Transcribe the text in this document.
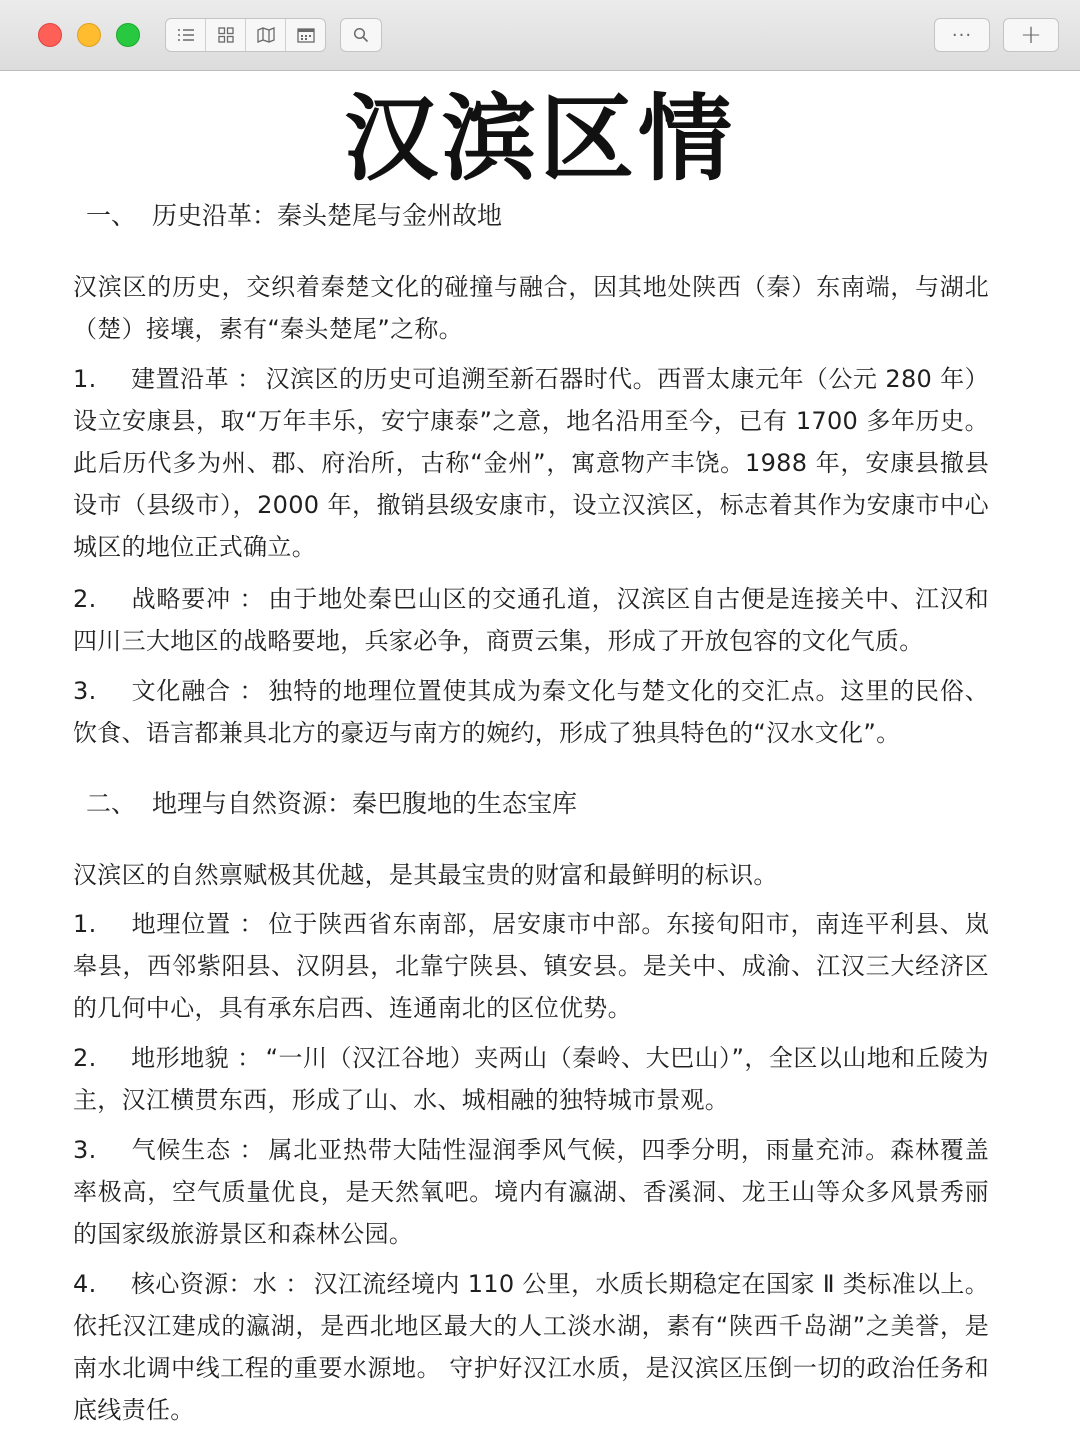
···	+
汉滨区情
一、 历史沿革：秦头楚尾与金州故地
汉滨区的历史，交织着秦楚文化的碰撞与融合，因其地处陕西（秦）东南端，与湖北（楚）接壤，素有“秦头楚尾”之称。
1. 建置沿革 ： 汉滨区的历史可追溯至新石器时代。西晋太康元年（公元 280 年）设立安康县，取“万年丰乐，安宁康泰”之意，地名沿用至今，已有 1700 多年历史。此后历代多为州、郡、府治所，古称“金州”，寓意物产丰饶。1988 年，安康县撤县设市（县级市），2000 年，撤销县级安康市，设立汉滨区，标志着其作为安康市中心城区的地位正式确立。
2. 战略要冲 ： 由于地处秦巴山区的交通孔道，汉滨区自古便是连接关中、江汉和四川三大地区的战略要地，兵家必争，商贾云集，形成了开放包容的文化气质。
3. 文化融合 ： 独特的地理位置使其成为秦文化与楚文化的交汇点。这里的民俗、饮食、语言都兼具北方的豪迈与南方的婉约，形成了独具特色的“汉水文化”。
二、 地理与自然资源：秦巴腹地的生态宝库
汉滨区的自然禀赋极其优越，是其最宝贵的财富和最鲜明的标识。
1. 地理位置 ： 位于陕西省东南部，居安康市中部。东接旬阳市，南连平利县、岚皋县，西邻紫阳县、汉阴县，北靠宁陕县、镇安县。是关中、成渝、江汉三大经济区的几何中心，具有承东启西、连通南北的区位优势。
2. 地形地貌 ： “一川（汉江谷地）夹两山（秦岭、大巴山）”，全区以山地和丘陵为主，汉江横贯东西，形成了山、水、城相融的独特城市景观。
3. 气候生态 ： 属北亚热带大陆性湿润季风气候，四季分明，雨量充沛。森林覆盖率极高，空气质量优良，是天然氧吧。境内有瀛湖、香溪洞、龙王山等众多风景秀丽的国家级旅游景区和森林公园。
4. 核心资源：水 ： 汉江流经境内 110 公里，水质长期稳定在国家 Ⅱ 类标准以上。依托汉江建成的瀛湖，是西北地区最大的人工淡水湖，素有“陕西千岛湖”之美誉，是南水北调中线工程的重要水源地。 守护好汉江水质，是汉滨区压倒一切的政治任务和底线责任。
